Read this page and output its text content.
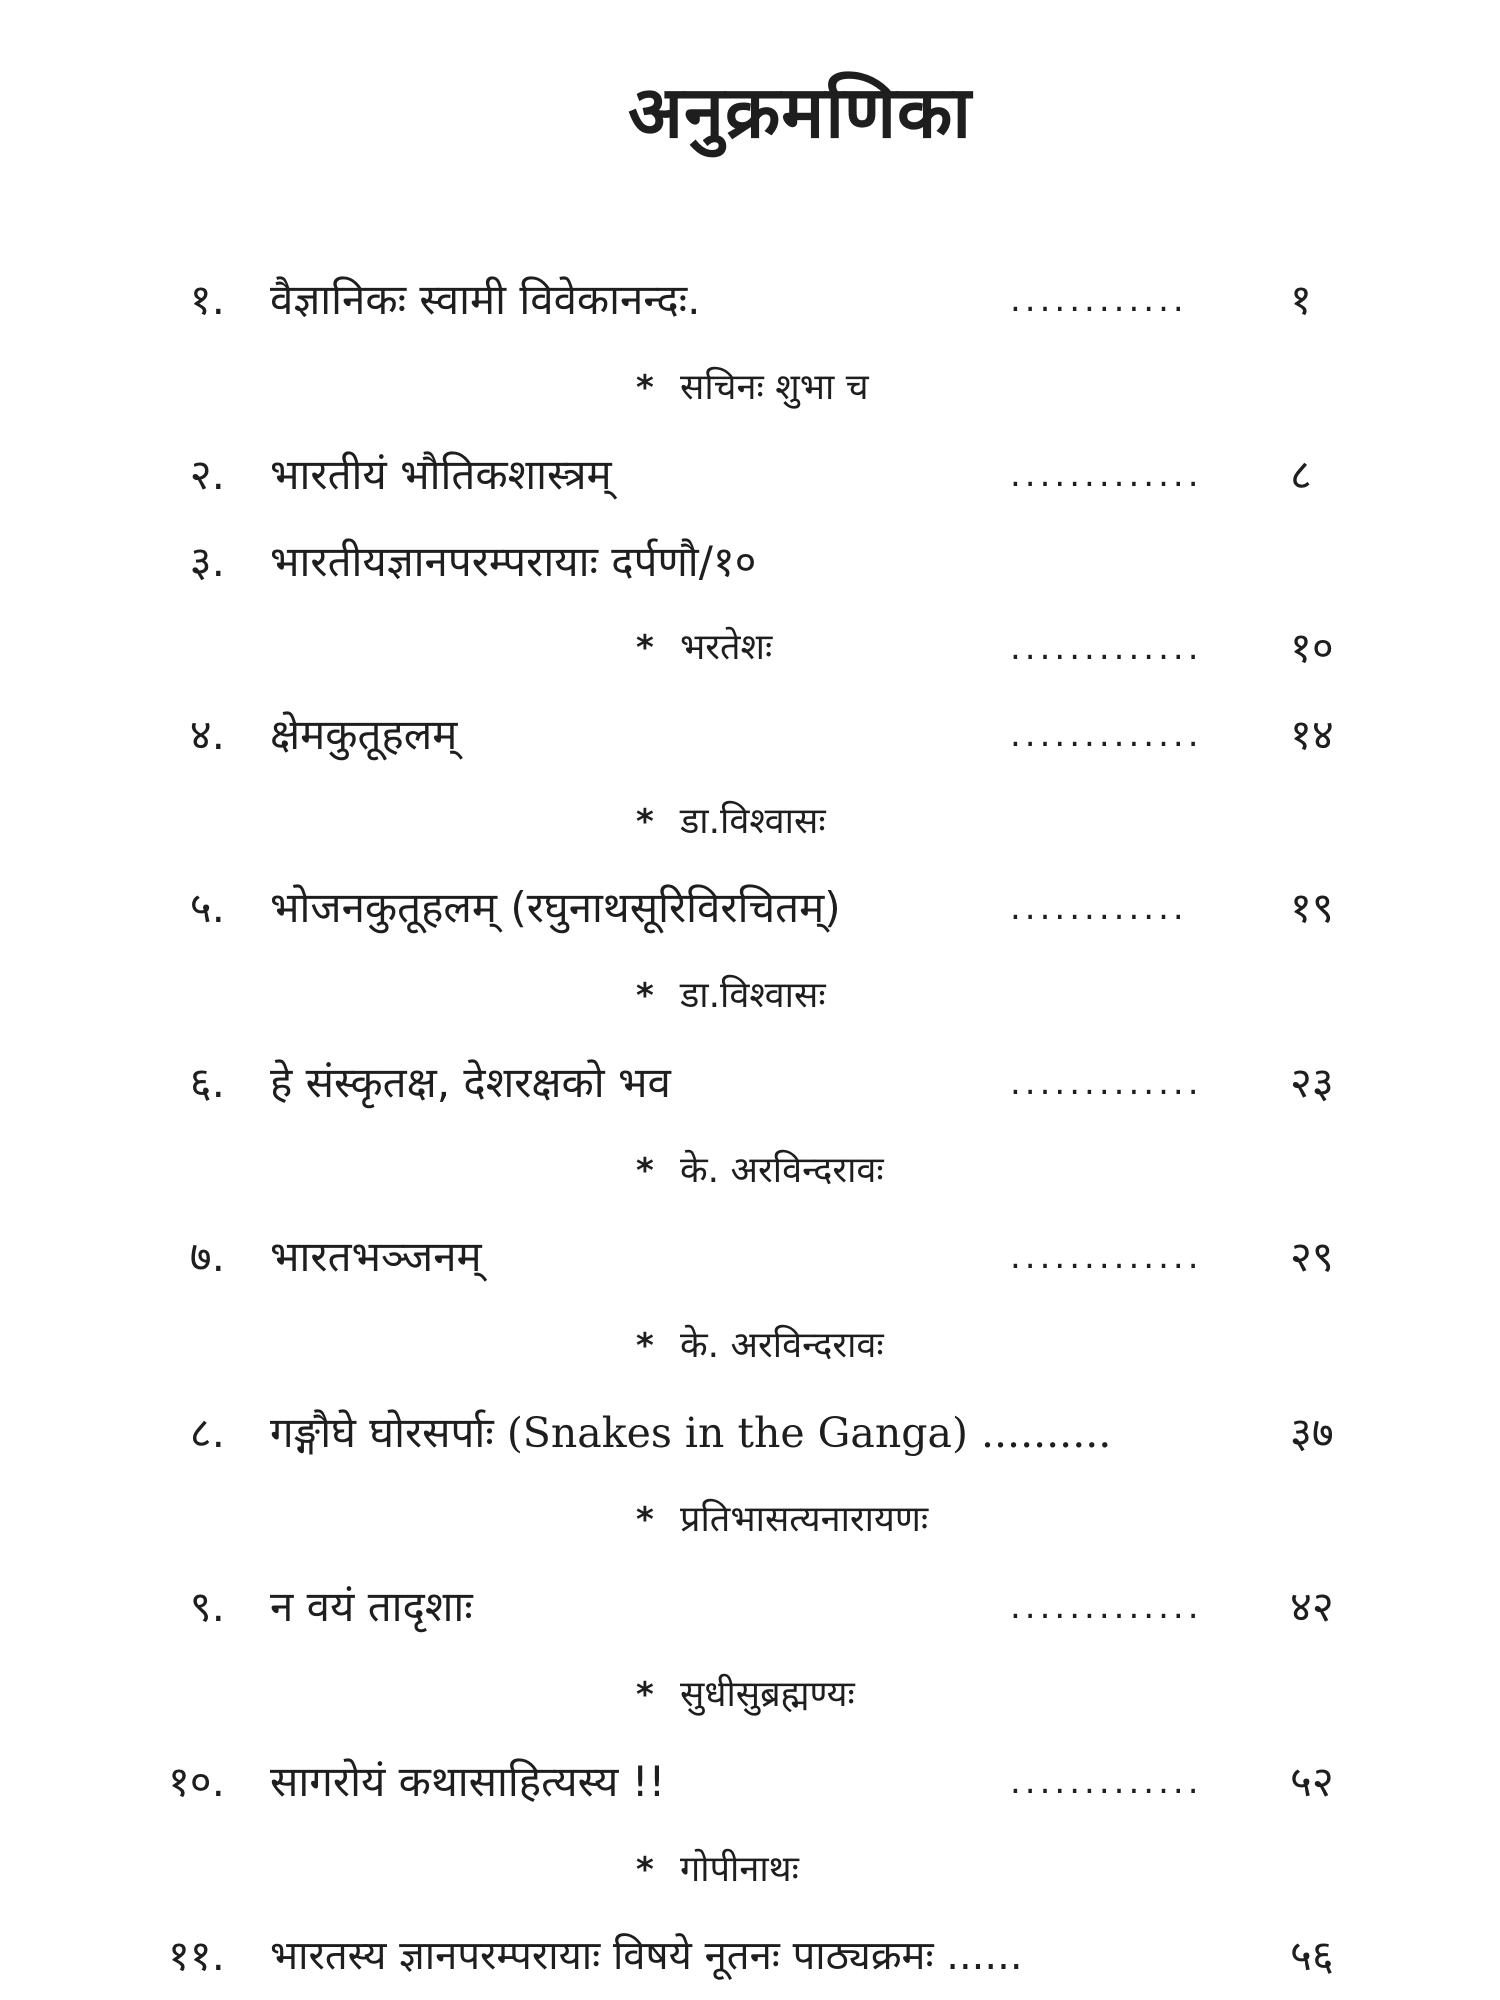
अनुक्रमणिका
१. वैज्ञानिकः स्वामी विवेकानन्दः.	............ १
* सचिनः शुभा च
२. भारतीयं भौतिकशास्त्रम्	............. ८
३. भारतीयज्ञानपरम्परायाः दर्पणौ/१०
* भरतेशः	............. १०
४. क्षेमकुतूहलम्	............. १४
* डा.विश्वासः
५. भोजनकुतूहलम् (रघुनाथसूरिविरचितम्)	............ १९
* डा.विश्वासः
६. हे संस्कृतक्ष, देशरक्षको भव	............. २३
* के. अरविन्दरावः
७. भारतभञ्जनम्	............. २९
* के. अरविन्दरावः
८. गङ्गौघे घोरसर्पाः (Snakes in the Ganga) ..........	३७
* प्रतिभासत्यनारायणः
९. न वयं तादृशाः	............. ४२
* सुधीसुब्रह्मण्यः
१०. सागरोयं कथासाहित्यस्य !!	............. ५२
* गोपीनाथः
११. भारतस्य ज्ञानपरम्परायाः विषये नूतनः पाठ्यक्रमः ......	५६
